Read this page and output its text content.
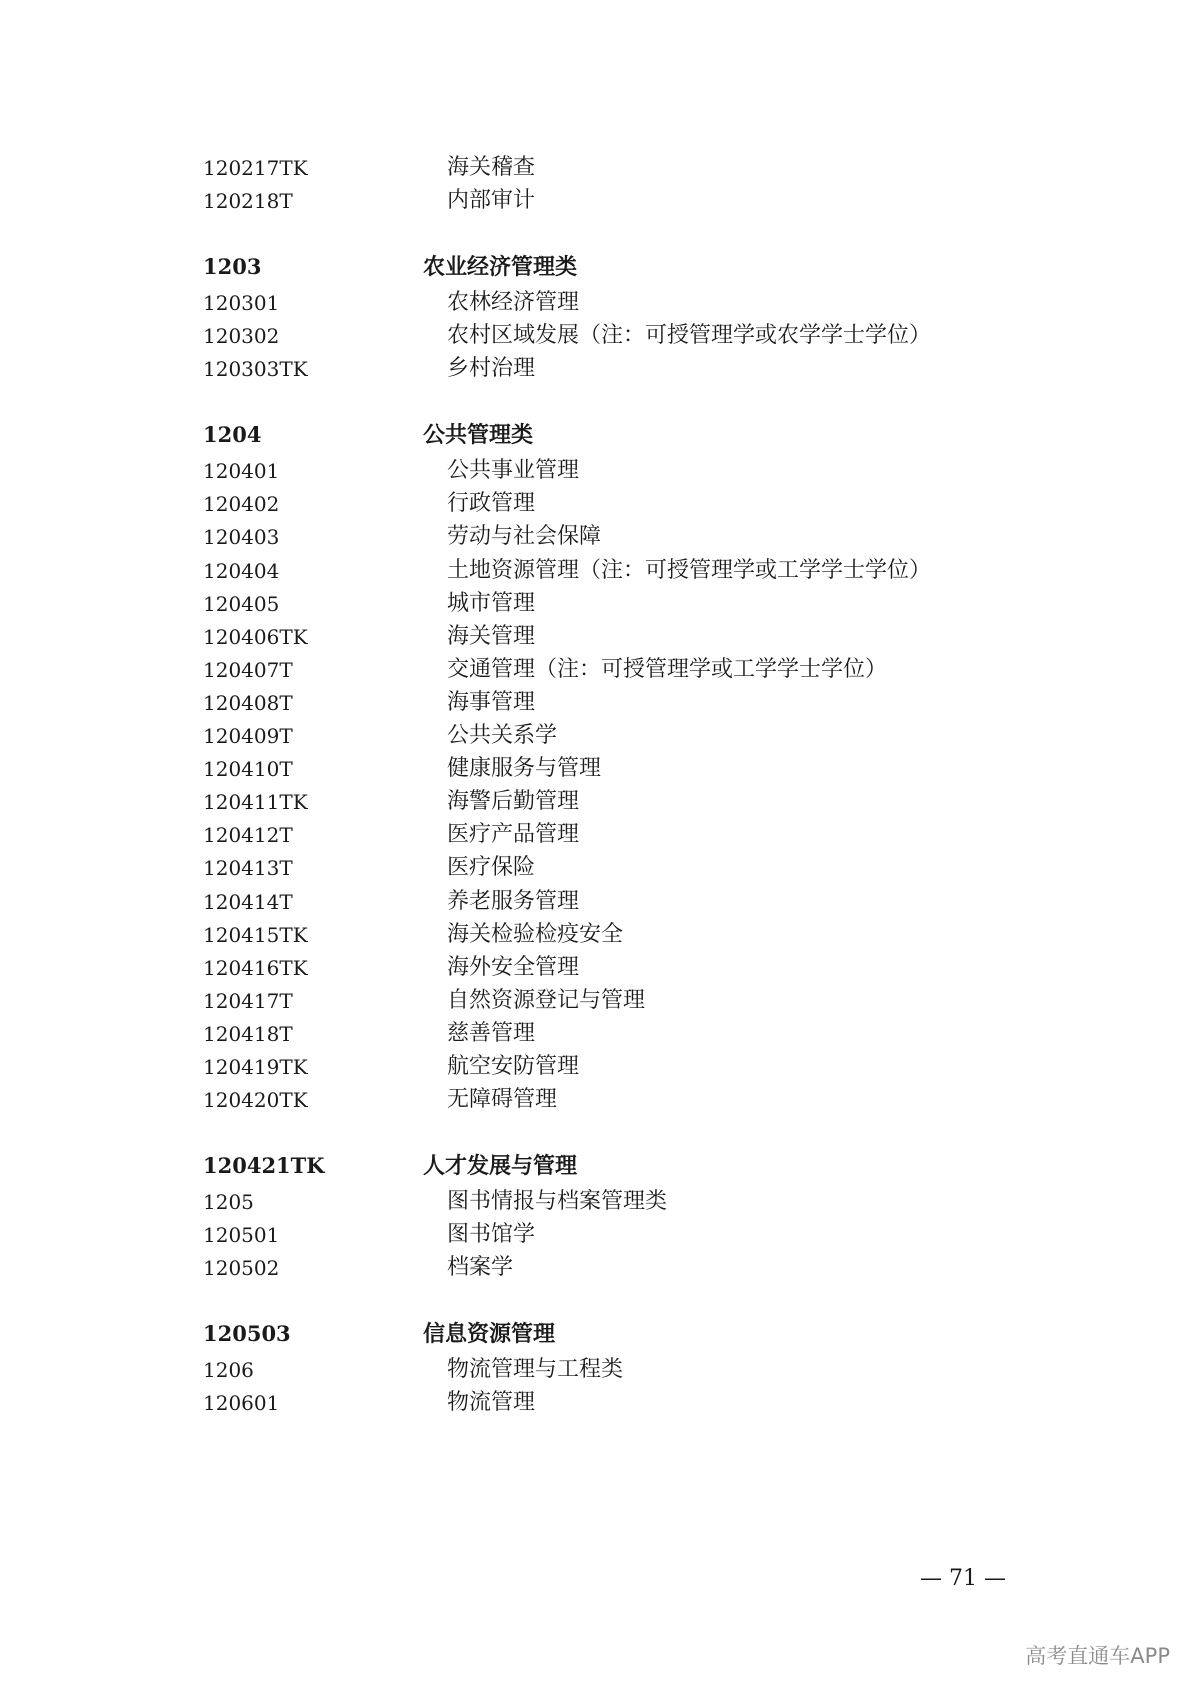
120217TK	海关稽查
120218T	内部审计
1203	农业经济管理类
120301	农林经济管理
120302	农村区域发展（注：可授管理学或农学学士学位）
120303TK	乡村治理
1204	公共管理类
120401	公共事业管理
120402	行政管理
120403	劳动与社会保障
120404	土地资源管理（注：可授管理学或工学学士学位）
120405	城市管理
120406TK	海关管理
120407T	交通管理（注：可授管理学或工学学士学位）
120408T	海事管理
120409T	公共关系学
120410T	健康服务与管理
120411TK	海警后勤管理
120412T	医疗产品管理
120413T	医疗保险
120414T	养老服务管理
120415TK	海关检验检疫安全
120416TK	海外安全管理
120417T	自然资源登记与管理
120418T	慈善管理
120419TK	航空安防管理
120420TK	无障碍管理
120421TK	人才发展与管理
1205	图书情报与档案管理类
120501	图书馆学
120502	档案学
120503	信息资源管理
1206	物流管理与工程类
120601	物流管理
— 71 —
高考直通车APP
